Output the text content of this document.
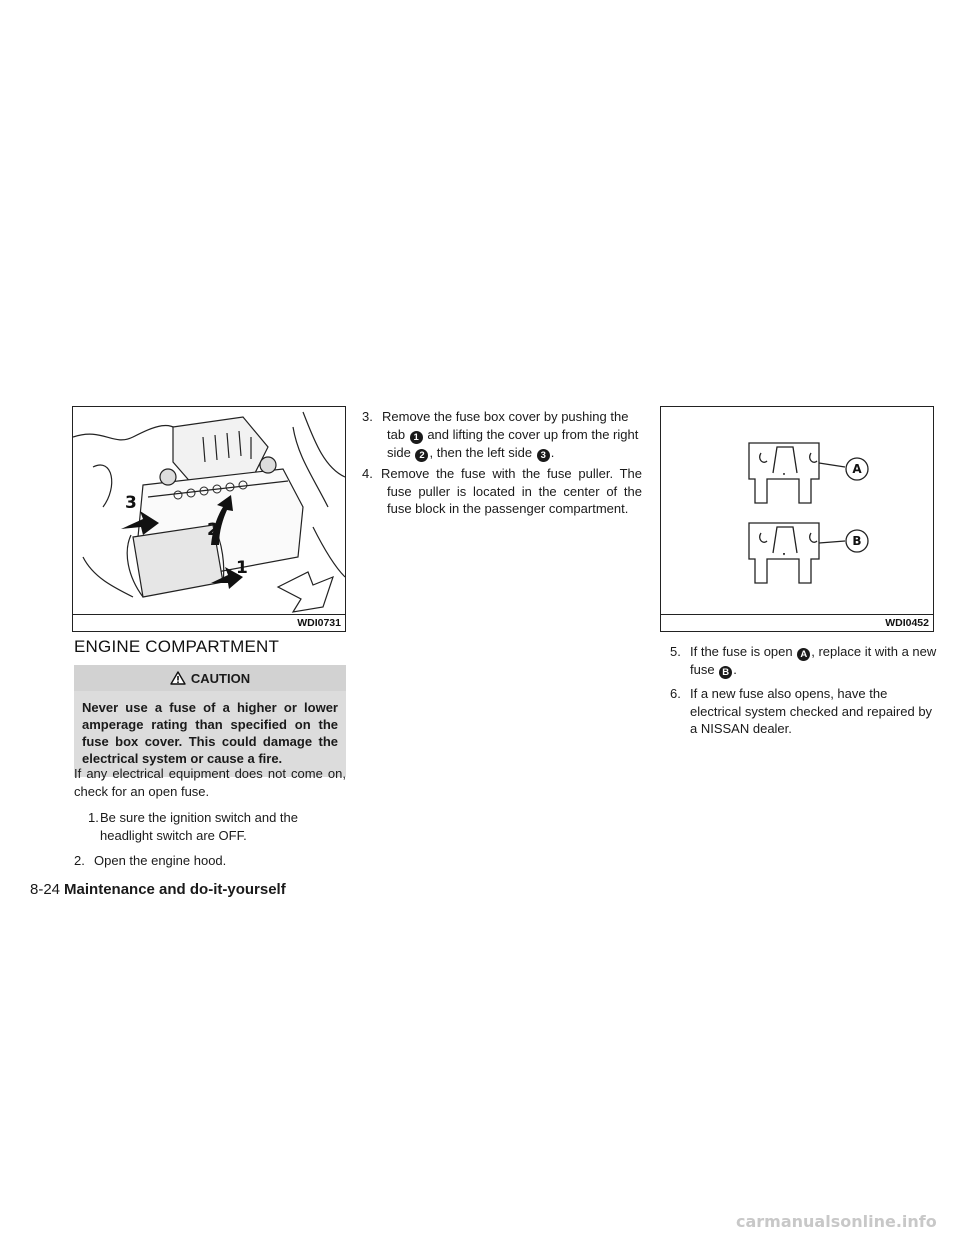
3
2
1
WDI0731
A
B
WDI0452
ENGINE COMPARTMENT
CAUTION
Never use a fuse of a higher or lower amperage rating than specified on the fuse box cover. This could damage the electrical system or cause a fire.
If any electrical equipment does not come on, check for an open fuse.
1. Be sure the ignition switch and the headlight switch are OFF.
2. Open the engine hood.
3. Remove the fuse box cover by pushing the
tab 1 and lifting the cover up from the right
side 2 , then the left side 3 .
4. Remove the fuse with the fuse puller. The fuse puller is located in the center of the fuse block in the passenger compartment.
5. If the fuse is open A , replace it with a new
fuse B .
6. If a new fuse also opens, have the electrical system checked and repaired by a NISSAN dealer.
8-24 Maintenance and do-it-yourself
carmanualsonline.info
